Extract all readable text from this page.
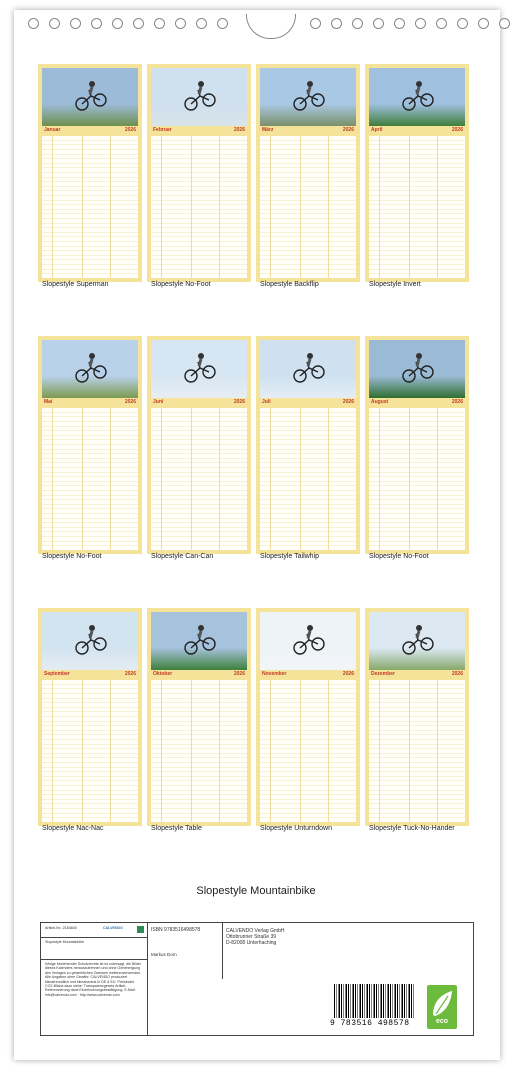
Januar	2026
Slopestyle Superman
Februar	2026
Slopestyle No-Foot
März	2026
Slopestyle Backflip
April	2026
Slopestyle Invert
Mai	2026
Slopestyle No-Foot
Juni	2026
Slopestyle Can-Can
Juli	2026
Slopestyle Tailwhip
August	2026
Slopestyle No-Foot
September	2026
Slopestyle Nac-Nac
Oktober	2026
Slopestyle Table
November	2026
Slopestyle Unturndown
Dezember	2026
Slopestyle Tuck-No-Hander
Slopestyle Mountainbike
Artikel-Nr.: 2184840	CALVENDO
Slopestyle Mountainbike
Infolge bestehender Schutzrechte ist es untersagt, die Bilder dieses Kalenders herauszutrennen und ohne Genehmigung des Verlages zu gewerblichen Zwecken weiterzuverwenden. Alle Angaben ohne Gewähr. CALVENDO produziert klimafreundlich und klimaneutral in DE & EU. Preisindex CO2-Bilanz dazu siehe: Transparenzgesetz Artikel-Referenzierung dank Einzelnutzungsbestätigung. E-Mail: info@calvendo.com · http://www.calvendo.com
ISBN 9783516498578
Markus Dorn
CALVENDO Verlag GmbH
Ottobrunner Straße 39
D-82008 Unterhaching
9 783516 498578	eco
